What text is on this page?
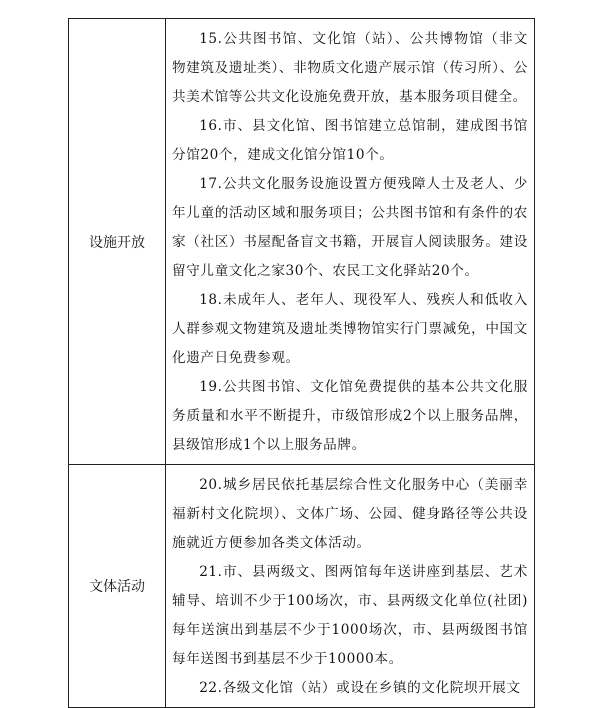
设施开放	15.公共图书馆、文化馆（站）、公共博物馆（非文物建筑及遗址类）、非物质文化遗产展示馆（传习所）、公共美术馆等公共文化设施免费开放，基本服务项目健全。

16.市、县文化馆、图书馆建立总馆制，建成图书馆分馆20个，建成文化馆分馆10个。

17.公共文化服务设施设置方便残障人士及老人、少年儿童的活动区域和服务项目；公共图书馆和有条件的农家（社区）书屋配备盲文书籍，开展盲人阅读服务。建设留守儿童文化之家30个、农民工文化驿站20个。

18.未成年人、老年人、现役军人、残疾人和低收入人群参观文物建筑及遗址类博物馆实行门票减免，中国文化遗产日免费参观。

19.公共图书馆、文化馆免费提供的基本公共文化服务质量和水平不断提升，市级馆形成2个以上服务品牌，县级馆形成1个以上服务品牌。

文体活动	20.城乡居民依托基层综合性文化服务中心（美丽幸福新村文化院坝）、文体广场、公园、健身路径等公共设施就近方便参加各类文体活动。

21.市、县两级文、图两馆每年送讲座到基层、艺术辅导、培训不少于100场次，市、县两级文化单位(社团)每年送演出到基层不少于1000场次，市、县两级图书馆每年送图书到基层不少于10000本。

22.各级文化馆（站）或设在乡镇的文化院坝开展文
